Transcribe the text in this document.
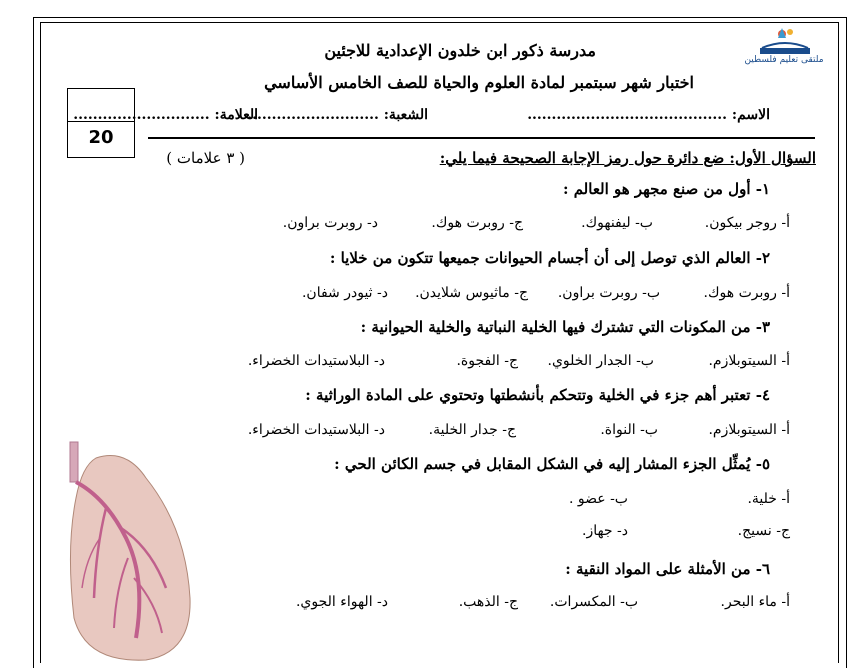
ملتقى تعليم فلسطين
مدرسة ذكور ابن خلدون الإعدادية للاجئين
اختبار شهر سبتمبر لمادة العلوم والحياة للصف الخامس الأساسي
الاسم: .........................................
الشعبة: ...........................
العلامة: ............................
20
السؤال الأول: ضع دائرة حول رمز الإجابة الصحيحة فيما يلي:
( ٣ علامات )
١- أول من صنع مجهر هو العالم :
أ- روجر بيكون.
ب- ليفنهوك.
ج- روبرت هوك.
د- روبرت براون.
٢- العالم الذي توصل إلى أن أجسام الحيوانات جميعها تتكون من خلايا :
أ- روبرت هوك.
ب- روبرت براون.
ج- ماثيوس شلايدن.
د- ثيودر شفان.
٣- من المكونات التي تشترك فيها الخلية النباتية والخلية الحيوانية :
أ- السيتوبلازم.
ب- الجدار الخلوي.
ج- الفجوة.
د- البلاستيدات الخضراء.
٤- تعتبر أهم جزء في الخلية وتتحكم بأنشطتها وتحتوي على المادة الوراثية :
أ- السيتوبلازم.
ب- النواة.
ج- جدار الخلية.
د- البلاستيدات الخضراء.
٥- يُمثِّل الجزء المشار إليه في الشكل المقابل في جسم الكائن الحي :
أ- خلية.
ب- عضو .
ج- نسيج.
د- جهاز.
٦- من الأمثلة على المواد النقية :
أ- ماء البحر.
ب- المكسرات.
ج- الذهب.
د- الهواء الجوي.
